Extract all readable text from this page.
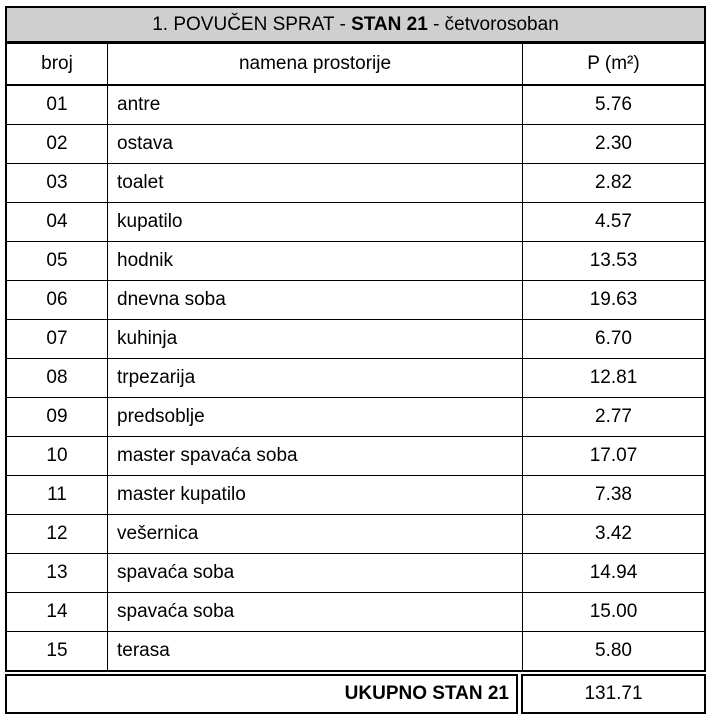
1. POVUČEN SPRAT - STAN 21 - četvorosoban
broj	namena prostorije	P (m²)
01	antre	5.76
02	ostava	2.30
03	toalet	2.82
04	kupatilo	4.57
05	hodnik	13.53
06	dnevna soba	19.63
07	kuhinja	6.70
08	trpezarija	12.81
09	predsoblje	2.77
10	master spavaća soba	17.07
11	master kupatilo	7.38
12	vešernica	3.42
13	spavaća soba	14.94
14	spavaća soba	15.00
15	terasa	5.80
UKUPNO STAN 21	131.71
